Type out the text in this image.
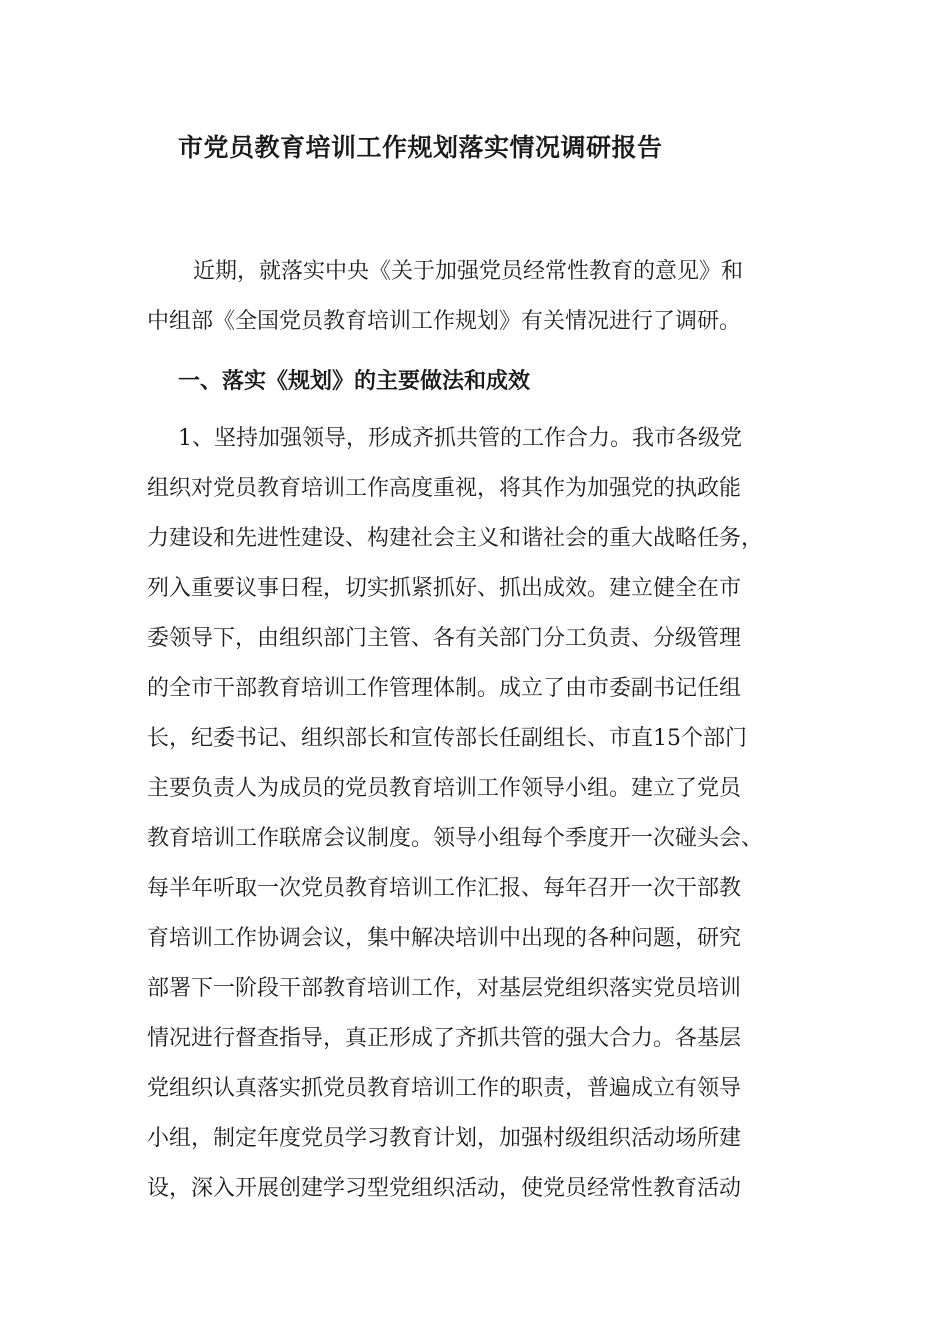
市党员教育培训工作规划落实情况调研报告

近期，就落实中央《关于加强党员经常性教育的意见》和

中组部《全国党员教育培训工作规划》有关情况进行了调研。

一、落实《规划》的主要做法和成效

1、坚持加强领导，形成齐抓共管的工作合力。我市各级党

组织对党员教育培训工作高度重视，将其作为加强党的执政能

力建设和先进性建设、构建社会主义和谐社会的重大战略任务，

列入重要议事日程，切实抓紧抓好、抓出成效。建立健全在市

委领导下，由组织部门主管、各有关部门分工负责、分级管理

的全市干部教育培训工作管理体制。成立了由市委副书记任组

长，纪委书记、组织部长和宣传部长任副组长、市直15个部门

主要负责人为成员的党员教育培训工作领导小组。建立了党员

教育培训工作联席会议制度。领导小组每个季度开一次碰头会、

每半年听取一次党员教育培训工作汇报、每年召开一次干部教

育培训工作协调会议，集中解决培训中出现的各种问题，研究

部署下一阶段干部教育培训工作，对基层党组织落实党员培训

情况进行督查指导，真正形成了齐抓共管的强大合力。各基层

党组织认真落实抓党员教育培训工作的职责，普遍成立有领导

小组，制定年度党员学习教育计划，加强村级组织活动场所建

设，深入开展创建学习型党组织活动，使党员经常性教育活动
